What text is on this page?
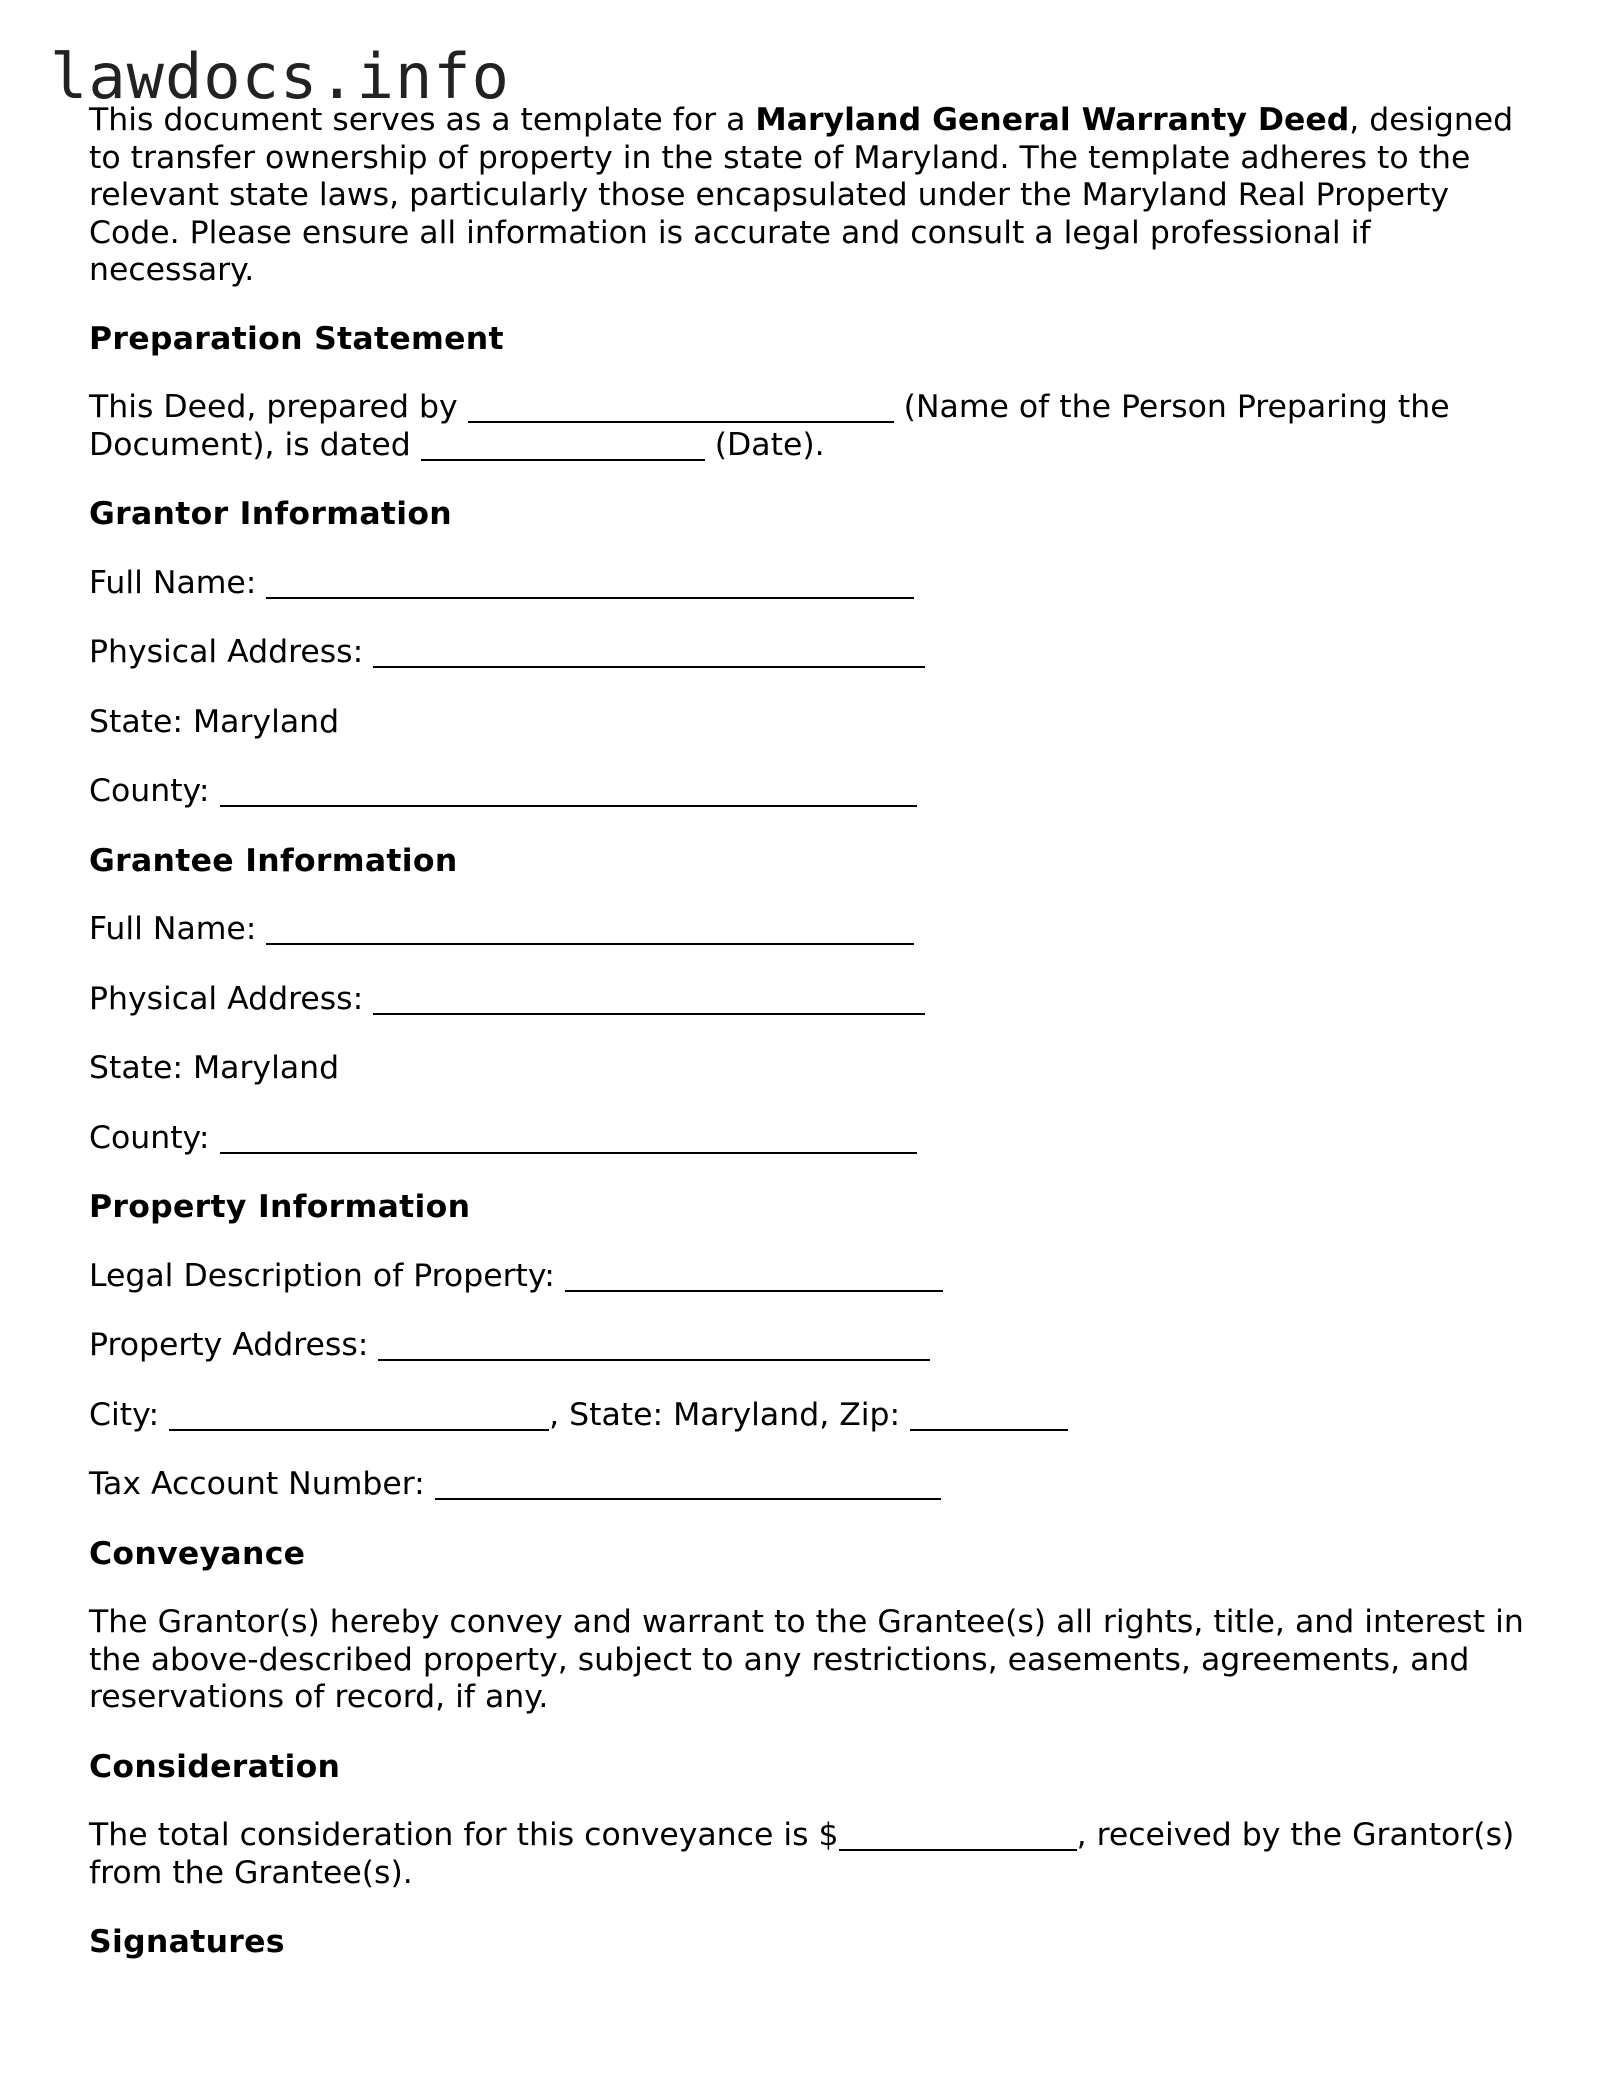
lawdocs.info

This document serves as a template for a Maryland General Warranty Deed, designed to transfer ownership of property in the state of Maryland. The template adheres to the relevant state laws, particularly those encapsulated under the Maryland Real Property Code. Please ensure all information is accurate and consult a legal professional if necessary.

Preparation Statement

This Deed, prepared by	(Name of the Person Preparing the Document), is dated	(Date).

Grantor Information

Full Name:

Physical Address:

State: Maryland

County:

Grantee Information

Full Name:

Physical Address:

State: Maryland

County:

Property Information

Legal Description of Property:

Property Address:

City:	, State: Maryland, Zip:

Tax Account Number:

Conveyance

The Grantor(s) hereby convey and warrant to the Grantee(s) all rights, title, and interest in the above-described property, subject to any restrictions, easements, agreements, and reservations of record, if any.

Consideration

The total consideration for this conveyance is $	, received by the Grantor(s) from the Grantee(s).

Signatures
